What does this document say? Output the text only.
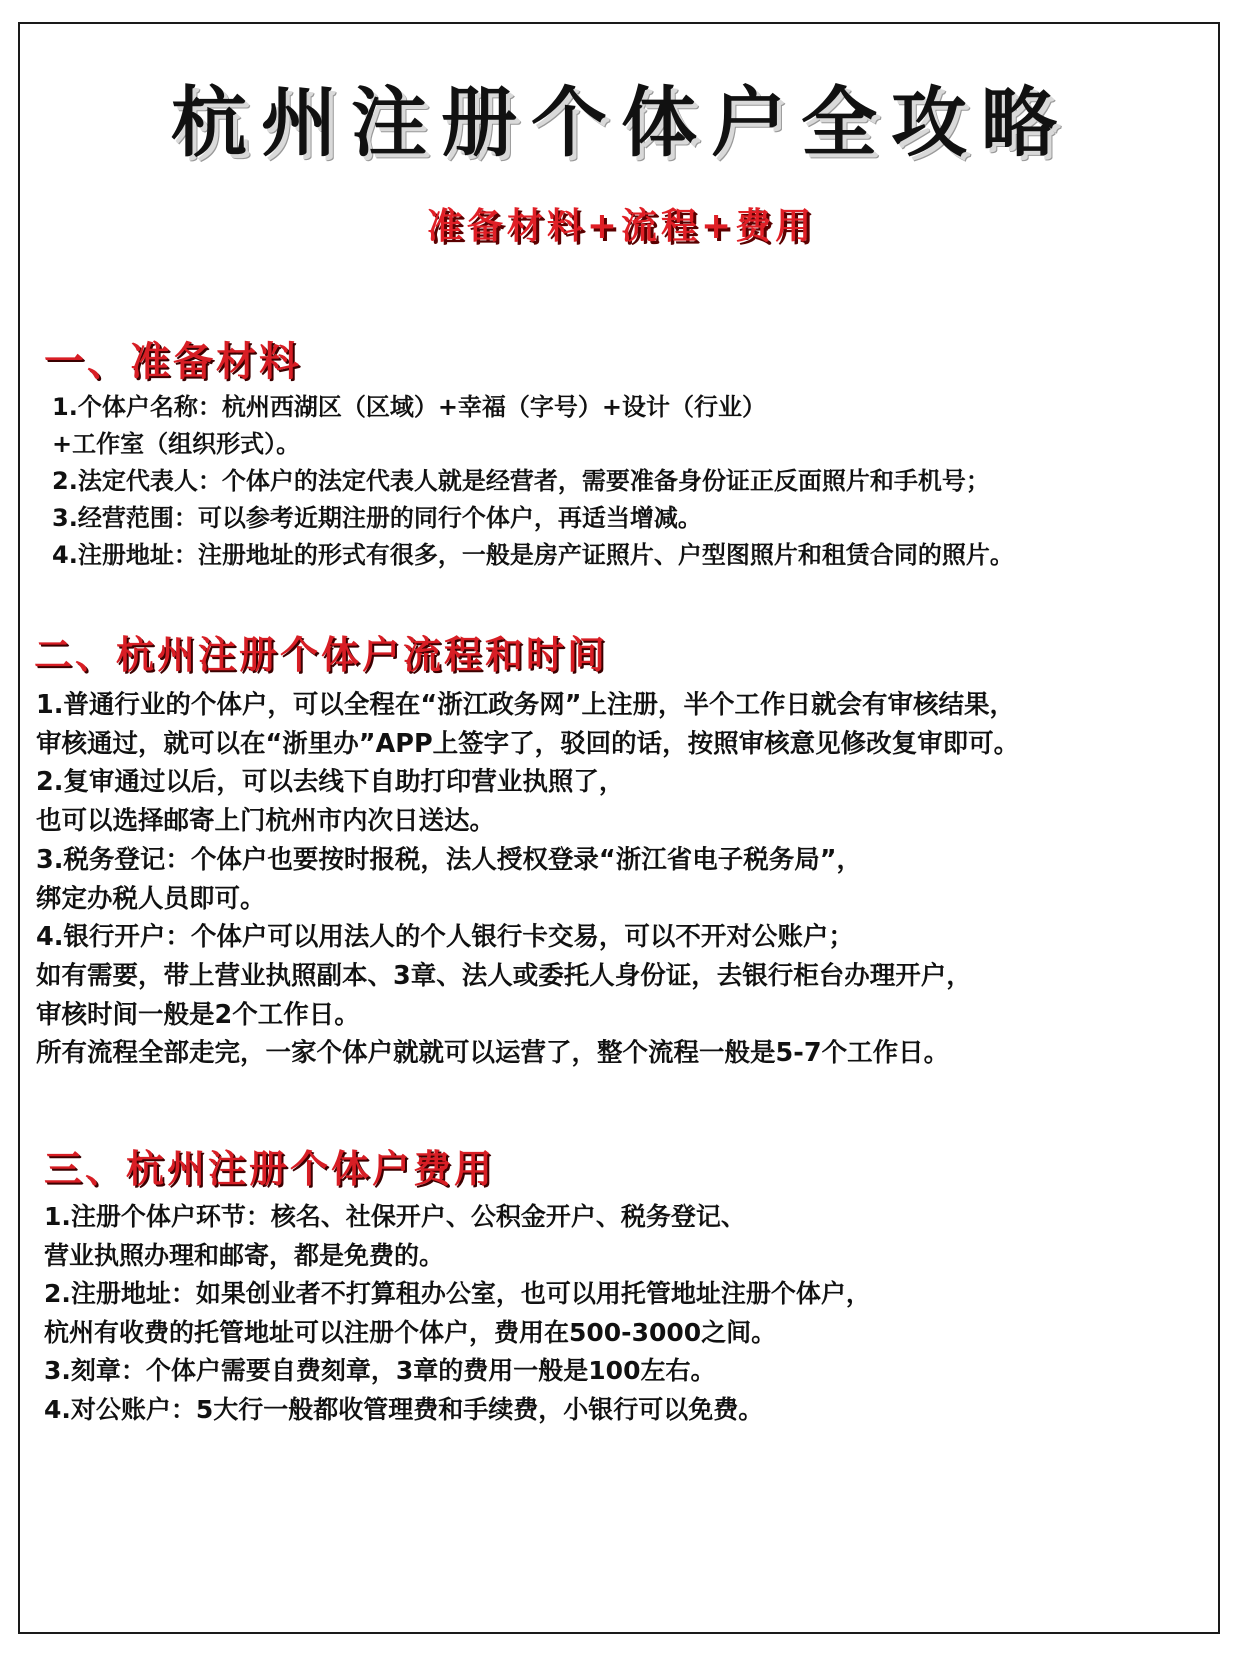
杭州注册个体户全攻略
准备材料+流程+费用
一、准备材料
1.个体户名称：杭州西湖区（区域）+幸福（字号）+设计（行业）
+工作室（组织形式）。
2.法定代表人：个体户的法定代表人就是经营者，需要准备身份证正反面照片和手机号；
3.经营范围：可以参考近期注册的同行个体户，再适当增减。
4.注册地址：注册地址的形式有很多，一般是房产证照片、户型图照片和租赁合同的照片。
二、杭州注册个体户流程和时间
1.普通行业的个体户，可以全程在“浙江政务网”上注册，半个工作日就会有审核结果，
审核通过，就可以在“浙里办”APP上签字了，驳回的话，按照审核意见修改复审即可。
2.复审通过以后，可以去线下自助打印营业执照了，
也可以选择邮寄上门杭州市内次日送达。
3.税务登记：个体户也要按时报税，法人授权登录“浙江省电子税务局”，
绑定办税人员即可。
4.银行开户：个体户可以用法人的个人银行卡交易，可以不开对公账户；
如有需要，带上营业执照副本、3章、法人或委托人身份证，去银行柜台办理开户，
审核时间一般是2个工作日。
所有流程全部走完，一家个体户就就可以运营了，整个流程一般是5-7个工作日。
三、杭州注册个体户费用
1.注册个体户环节：核名、社保开户、公积金开户、税务登记、
营业执照办理和邮寄，都是免费的。
2.注册地址：如果创业者不打算租办公室，也可以用托管地址注册个体户，
杭州有收费的托管地址可以注册个体户，费用在500-3000之间。
3.刻章：个体户需要自费刻章，3章的费用一般是100左右。
4.对公账户：5大行一般都收管理费和手续费，小银行可以免费。
